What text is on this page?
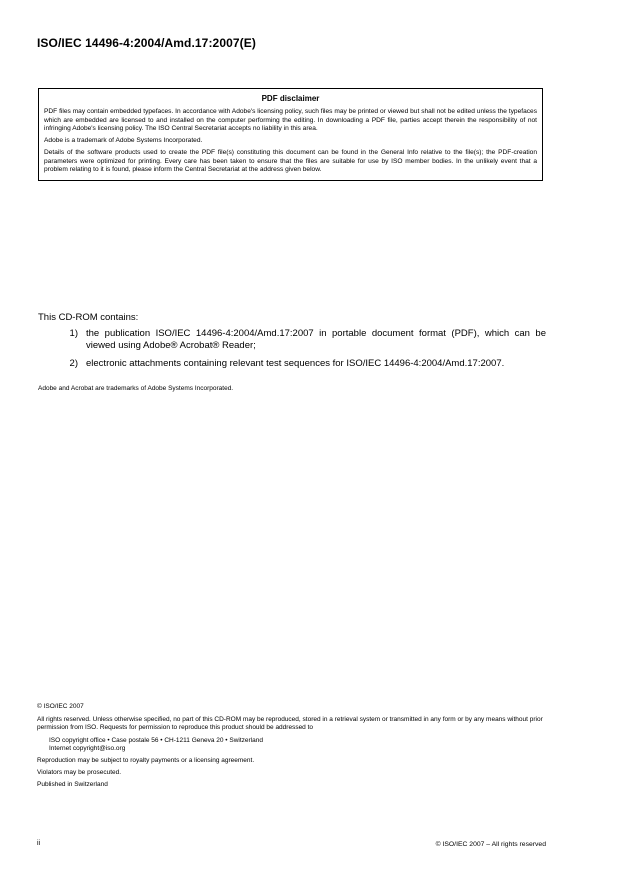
ISO/IEC 14496-4:2004/Amd.17:2007(E)
PDF disclaimer

PDF files may contain embedded typefaces. In accordance with Adobe's licensing policy, such files may be printed or viewed but shall not be edited unless the typefaces which are embedded are licensed to and installed on the computer performing the editing. In downloading a PDF file, parties accept therein the responsibility of not infringing Adobe's licensing policy. The ISO Central Secretariat accepts no liability in this area.

Adobe is a trademark of Adobe Systems Incorporated.

Details of the software products used to create the PDF file(s) constituting this document can be found in the General Info relative to the file(s); the PDF-creation parameters were optimized for printing. Every care has been taken to ensure that the files are suitable for use by ISO member bodies. In the unlikely event that a problem relating to it is found, please inform the Central Secretariat at the address given below.

This CD-ROM contains:
1) the publication ISO/IEC 14496-4:2004/Amd.17:2007 in portable document format (PDF), which can be viewed using Adobe® Acrobat® Reader;
2) electronic attachments containing relevant test sequences for ISO/IEC 14496-4:2004/Amd.17:2007.
Adobe and Acrobat are trademarks of Adobe Systems Incorporated.

© ISO/IEC 2007

All rights reserved. Unless otherwise specified, no part of this CD-ROM may be reproduced, stored in a retrieval system or transmitted in any form or by any means without prior permission from ISO. Requests for permission to reproduce this product should be addressed to

ISO copyright office • Case postale 56 • CH-1211 Geneva 20 • Switzerland
Internet copyright@iso.org

Reproduction may be subject to royalty payments or a licensing agreement.

Violators may be prosecuted.

Published in Switzerland

ii	© ISO/IEC 2007 – All rights reserved
